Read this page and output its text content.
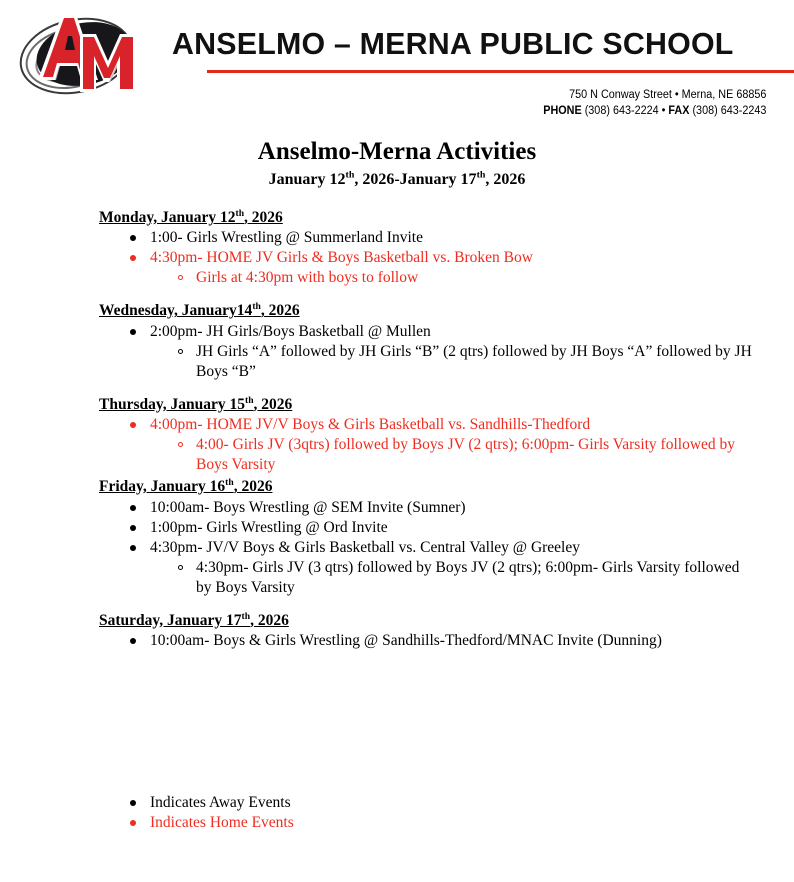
ANSELMO – MERNA PUBLIC SCHOOL
750 N Conway Street • Merna, NE 68856
PHONE (308) 643-2224 • FAX (308) 643-2243
Anselmo-Merna Activities
January 12th, 2026-January 17th, 2026
Monday, January 12th, 2026
1:00- Girls Wrestling @ Summerland Invite
4:30pm- HOME JV Girls & Boys Basketball vs. Broken Bow
Girls at 4:30pm with boys to follow
Wednesday, January14th, 2026
2:00pm- JH Girls/Boys Basketball @ Mullen
JH Girls “A” followed by JH Girls “B” (2 qtrs) followed by JH Boys “A” followed by JH Boys “B”
Thursday, January 15th, 2026
4:00pm- HOME JV/V Boys & Girls Basketball vs. Sandhills-Thedford
4:00- Girls JV (3qtrs) followed by Boys JV (2 qtrs); 6:00pm- Girls Varsity followed by Boys Varsity
Friday, January 16th, 2026
10:00am- Boys Wrestling @ SEM Invite (Sumner)
1:00pm- Girls Wrestling @ Ord Invite
4:30pm- JV/V Boys & Girls Basketball vs. Central Valley @ Greeley
4:30pm- Girls JV (3 qtrs) followed by Boys JV (2 qtrs); 6:00pm- Girls Varsity followed by Boys Varsity
Saturday, January 17th, 2026
10:00am- Boys & Girls Wrestling @ Sandhills-Thedford/MNAC Invite (Dunning)
Indicates Away Events
Indicates Home Events
